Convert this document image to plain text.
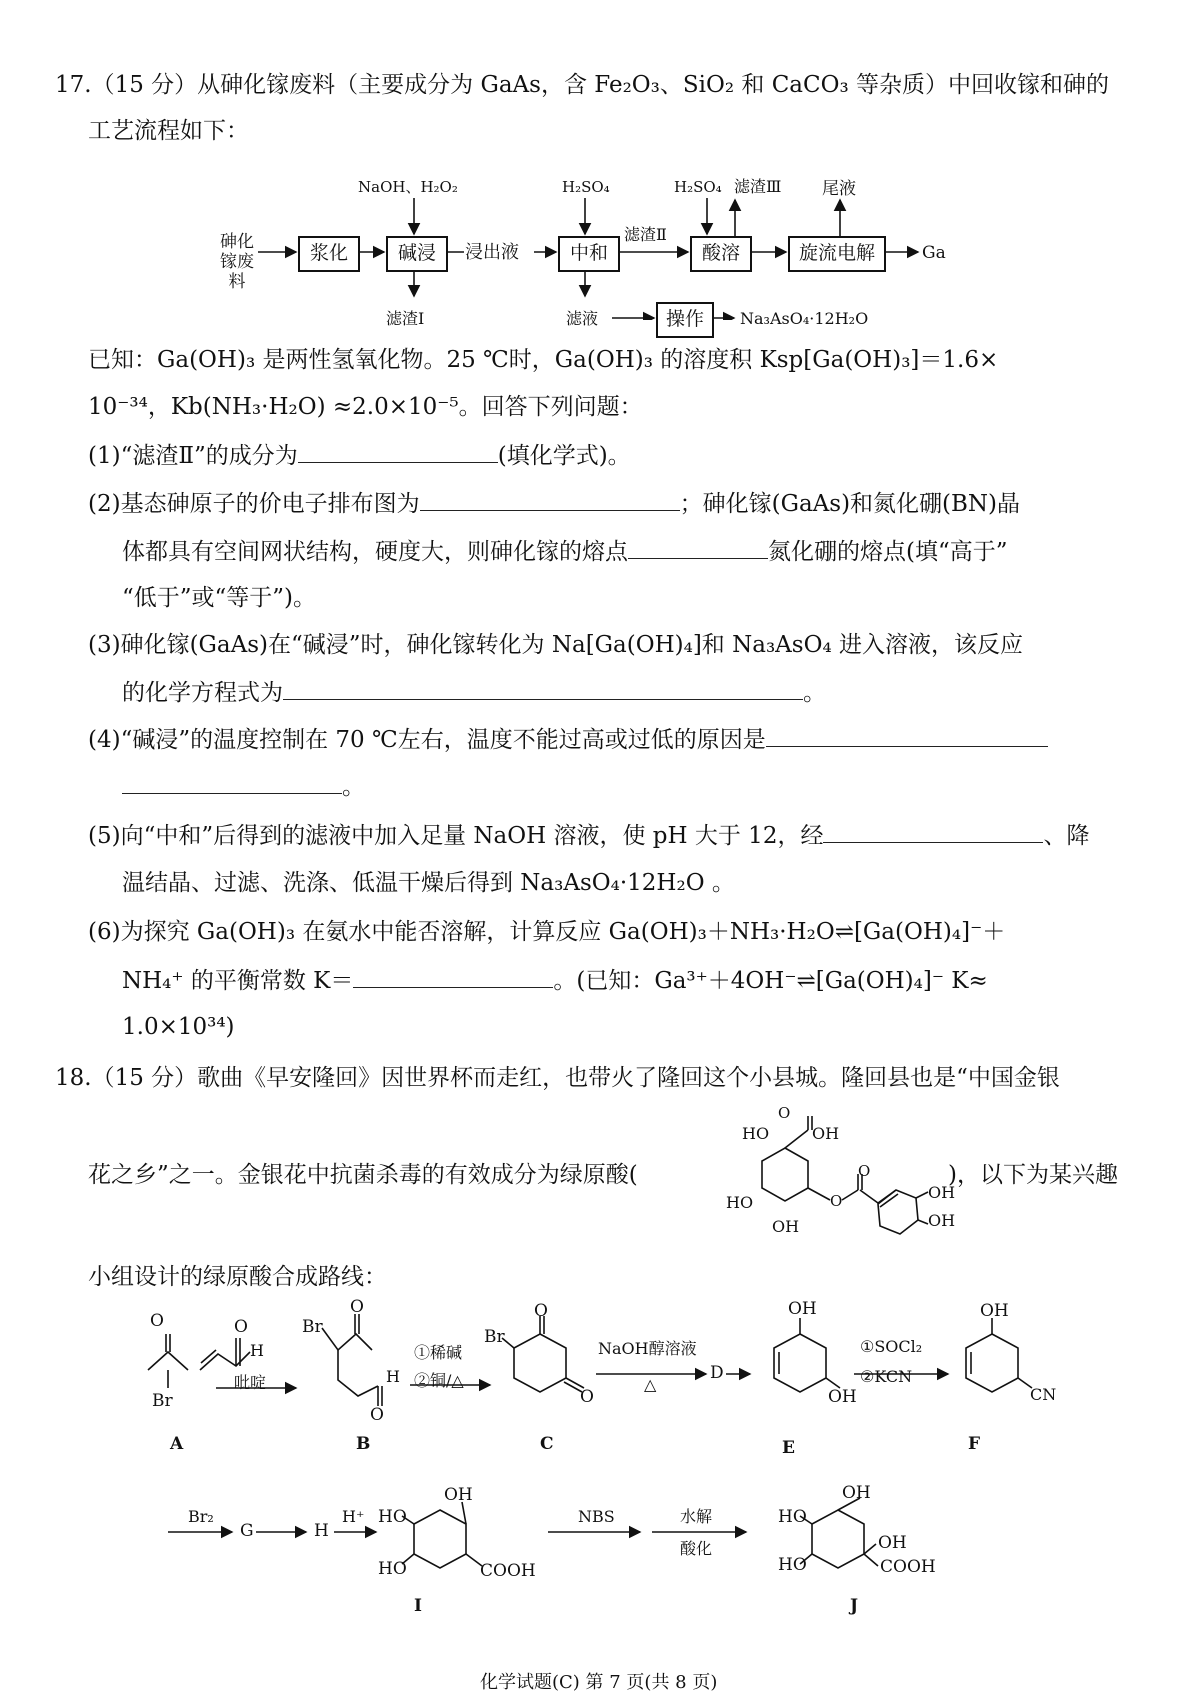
17.（15 分）从砷化镓废料（主要成分为 GaAs，含 Fe₂O₃、SiO₂ 和 CaCO₃ 等杂质）中回收镓和砷的
工艺流程如下：
砷化镓废料
浆化	碱浸	浸出液	中和	酸溶	旋流电解	Ga
操作	Na₃AsO₄·12H₂O
NaOH、H₂O₂	H₂SO₄	H₂SO₄ 滤渣Ⅲ 尾液
滤渣Ⅱ
滤渣Ⅰ	滤液
已知：Ga(OH)₃ 是两性氢氧化物。25 ℃时，Ga(OH)₃ 的溶度积 Ksp[Ga(OH)₃]＝1.6×
10⁻³⁴，Kb(NH₃·H₂O) ≈2.0×10⁻⁵。回答下列问题：
(1)“滤渣Ⅱ”的成分为	(填化学式)。
(2)基态砷原子的价电子排布图为	；砷化镓(GaAs)和氮化硼(BN)晶
体都具有空间网状结构，硬度大，则砷化镓的熔点	氮化硼的熔点(填“高于”
“低于”或“等于”)。
(3)砷化镓(GaAs)在“碱浸”时，砷化镓转化为 Na[Ga(OH)₄]和 Na₃AsO₄ 进入溶液，该反应
的化学方程式为	。
(4)“碱浸”的温度控制在 70 ℃左右，温度不能过高或过低的原因是
。
(5)向“中和”后得到的滤液中加入足量 NaOH 溶液，使 pH 大于 12，经	、降
温结晶、过滤、洗涤、低温干燥后得到 Na₃AsO₄·12H₂O 。
(6)为探究 Ga(OH)₃ 在氨水中能否溶解，计算反应 Ga(OH)₃＋NH₃·H₂O⇌[Ga(OH)₄]⁻＋
NH₄⁺ 的平衡常数 K＝	。(已知：Ga³⁺＋4OH⁻⇌[Ga(OH)₄]⁻ K≈
1.0×10³⁴)
18.（15 分）歌曲《早安隆回》因世界杯而走红，也带火了隆回这个小县城。隆回县也是“中国金银
花之乡”之一。金银花中抗菌杀毒的有效成分为绿原酸(	)，以下为某兴趣
小组设计的绿原酸合成路线：
HO	OH
O
HO
OH
O
O
OH
OH
O
Br
O
H
吡啶
Br
O
H
O
①稀碱
②铜/△
Br
O
O
NaOH醇溶液
△
D
OH
OH
①SOCl₂
②KCN
OH
CN
A	B	C	E	F
Br₂
G	H
H⁺ HO
OH
HO	COOH
NBS	水解
酸化
HO
OH
OH
HO	COOH
I	J
化学试题(C) 第 7 页(共 8 页)
